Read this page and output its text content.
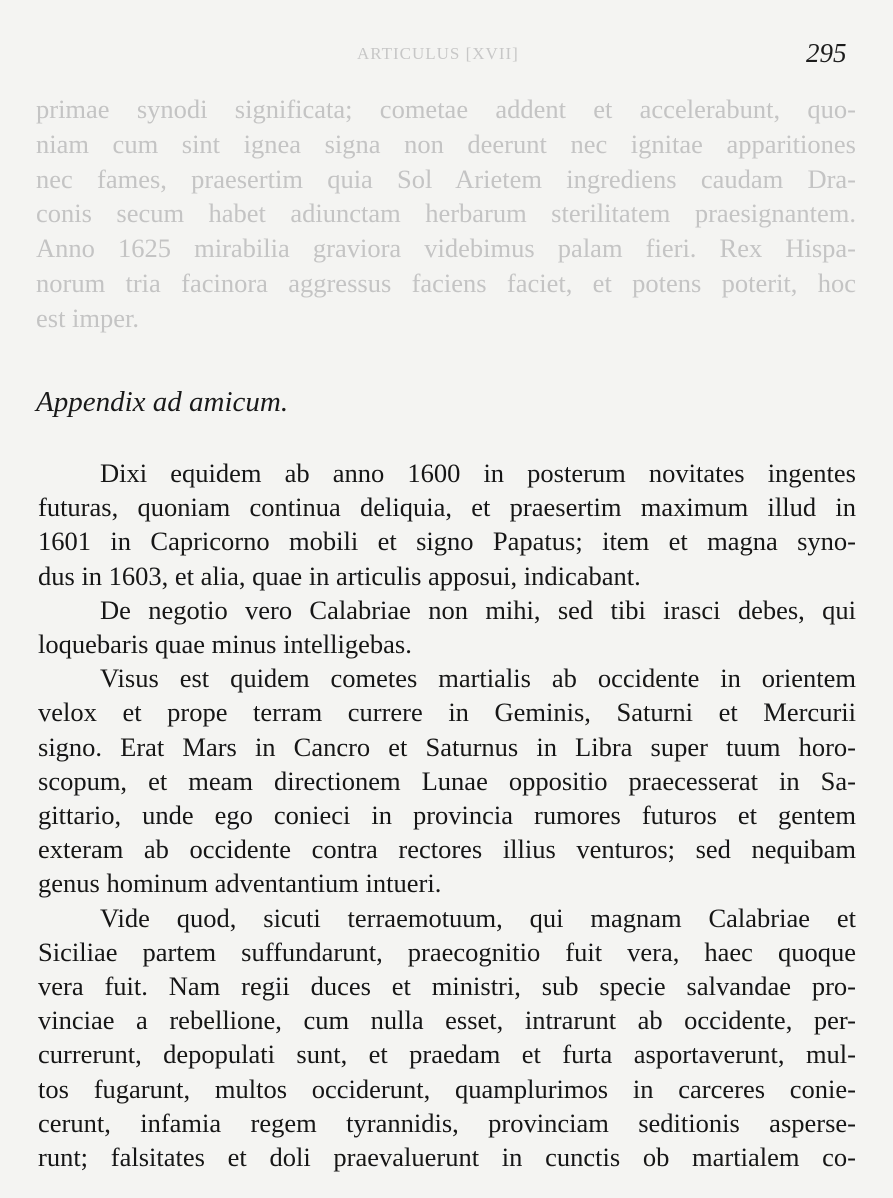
ARTICULUS [XVII]	295
primae synodi significata; cometae addent et accelerabunt, quo-
niam cum sint ignea signa non deerunt nec ignitae apparitiones
nec fames, praesertim quia Sol Arietem ingrediens caudam Dra-
conis secum habet adiunctam herbarum sterilitatem praesignantem.
Anno 1625 mirabilia graviora videbimus palam fieri. Rex Hispa-
norum tria facinora aggressus faciens faciet, et potens poterit, hoc
est imper.
Appendix ad amicum.
Dixi equidem ab anno 1600 in posterum novitates ingentes
futuras, quoniam continua deliquia, et praesertim maximum illud in
1601 in Capricorno mobili et signo Papatus; item et magna syno-
dus in 1603, et alia, quae in articulis apposui, indicabant.
De negotio vero Calabriae non mihi, sed tibi irasci debes, qui
loquebaris quae minus intelligebas.
Visus est quidem cometes martialis ab occidente in orientem
velox et prope terram currere in Geminis, Saturni et Mercurii
signo. Erat Mars in Cancro et Saturnus in Libra super tuum horo-
scopum, et meam directionem Lunae oppositio praecesserat in Sa-
gittario, unde ego conieci in provincia rumores futuros et gentem
exteram ab occidente contra rectores illius venturos; sed nequibam
genus hominum adventantium intueri.
Vide quod, sicuti terraemotuum, qui magnam Calabriae et
Siciliae partem suffundarunt, praecognitio fuit vera, haec quoque
vera fuit. Nam regii duces et ministri, sub specie salvandae pro-
vinciae a rebellione, cum nulla esset, intrarunt ab occidente, per-
currerunt, depopulati sunt, et praedam et furta asportaverunt, mul-
tos fugarunt, multos occiderunt, quamplurimos in carceres conie-
cerunt, infamia regem tyrannidis, provinciam seditionis asperse-
runt; falsitates et doli praevaluerunt in cunctis ob martialem co-
